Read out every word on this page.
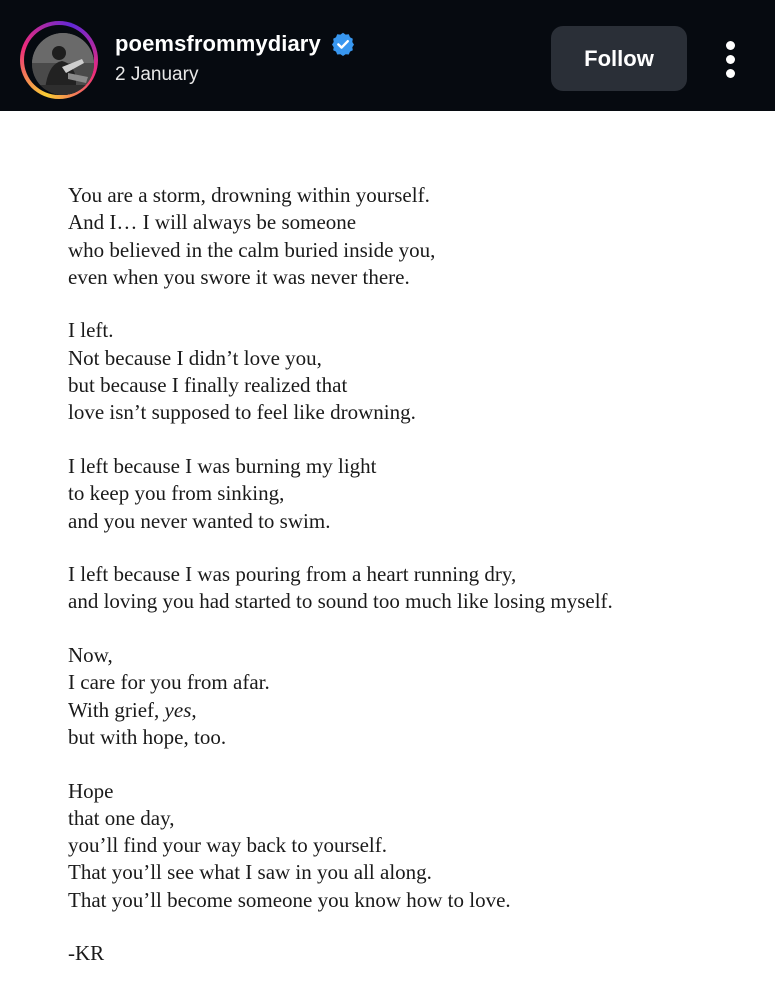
poemsfrommydiary
2 January
Follow
You are a storm, drowning within yourself.
And I… I will always be someone
who believed in the calm buried inside you,
even when you swore it was never there.
I left.
Not because I didn’t love you,
but because I finally realized that
love isn’t supposed to feel like drowning.
I left because I was burning my light
to keep you from sinking,
and you never wanted to swim.
I left because I was pouring from a heart running dry,
and loving you had started to sound too much like losing myself.
Now,
I care for you from afar.
With grief, yes,
but with hope, too.
Hope
that one day,
you’ll find your way back to yourself.
That you’ll see what I saw in you all along.
That you’ll become someone you know how to love.
-KR
